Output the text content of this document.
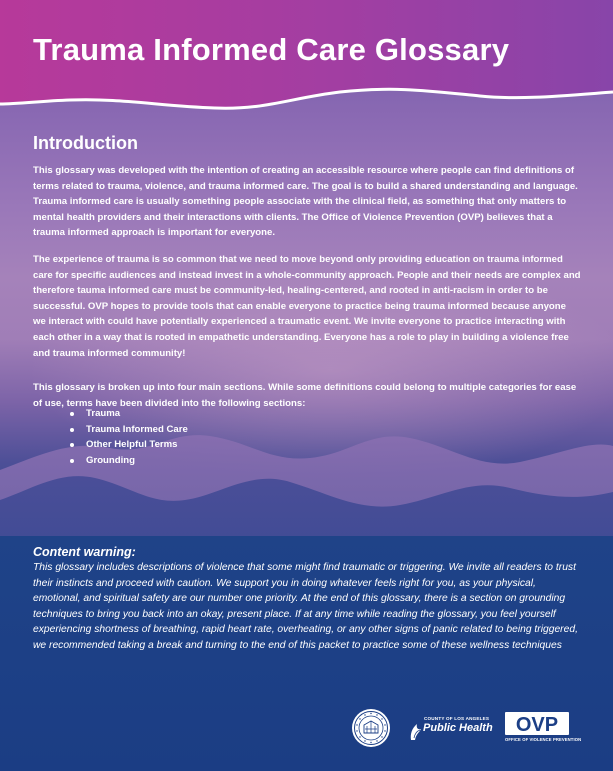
Trauma Informed Care Glossary
Introduction

This glossary was developed with the intention of creating an accessible resource where people can find definitions of terms related to trauma, violence, and trauma informed care. The goal is to build a shared understanding and language. Trauma informed care is usually something people associate with the clinical field, as something that only matters to mental health providers and their interactions with clients. The Office of Violence Prevention (OVP) believes that a trauma informed approach is important for everyone.

The experience of trauma is so common that we need to move beyond only providing education on trauma informed care for specific audiences and instead invest in a whole-community approach. People and their needs are complex and therefore tauma informed care must be community-led, healing-centered, and rooted in anti-racism in order to be successful. OVP hopes to provide tools that can enable everyone to practice being trauma informed because anyone we interact with could have potentially experienced a traumatic event. We invite everyone to practice interacting with each other in a way that is rooted in empathetic understanding. Everyone has a role to play in building a violence free and trauma informed community!

This glossary is broken up into four main sections. While some definitions could belong to multiple categories for ease of use, terms have been divided into the following sections:

Trauma
Trauma Informed Care
Other Helpful Terms
Grounding
Content warning:

This glossary includes descriptions of violence that some might find traumatic or triggering. We invite all readers to trust their instincts and proceed with caution. We support you in doing whatever feels right for you, as your physical, emotional, and spiritual safety are our number one priority. At the end of this glossary, there is a section on grounding techniques to bring you back into an okay, present place. If at any time while reading the glossary, you feel yourself experiencing shortness of breathing, rapid heart rate, overheating, or any other signs of panic related to being triggered, we recommended taking a break and turning to the end of this packet to practice some of these wellness techniques

COUNTY OF LOS ANGELES
Public Health OVP
OFFICE OF VIOLENCE PREVENTION
